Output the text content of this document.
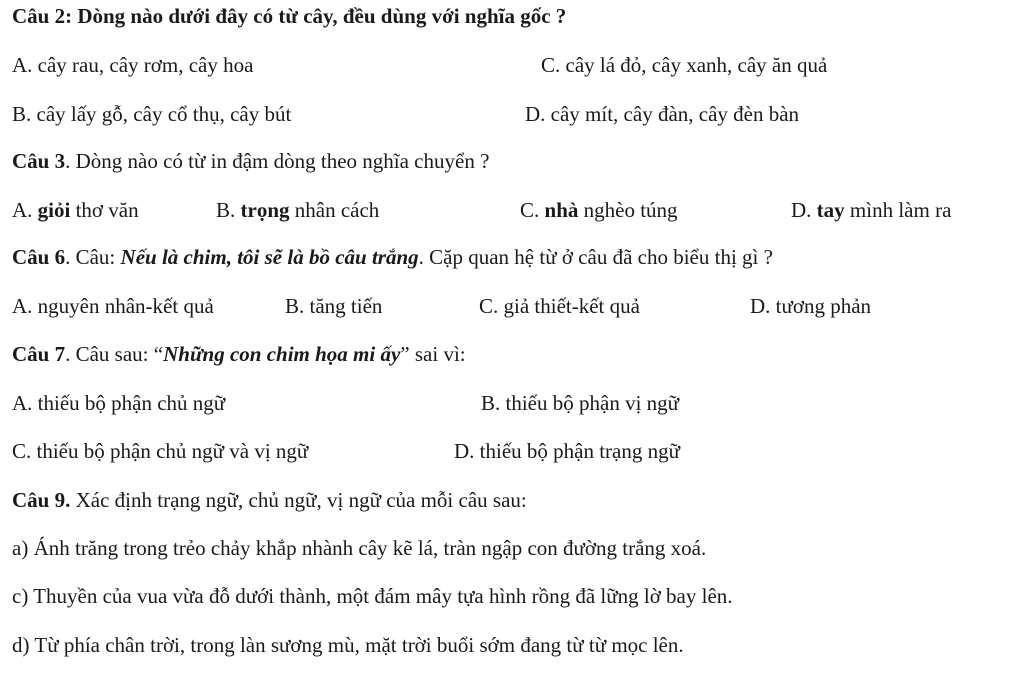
Câu 2: Dòng nào dưới đây có từ cây, đều dùng với nghĩa gốc ?
A. cây rau, cây rơm, cây hoa	C. cây lá đỏ, cây xanh, cây ăn quả
B. cây lấy gỗ, cây cổ thụ, cây bút	D. cây mít, cây đàn, cây đèn bàn
Câu 3. Dòng nào có từ in đậm dòng theo nghĩa chuyển ?
A. giỏi thơ văn	B. trọng nhân cách	C. nhà nghèo túng	D. tay mình làm ra
Câu 6. Câu: Nếu là chim, tôi sẽ là bồ câu trắng. Cặp quan hệ từ ở câu đã cho biểu thị gì ?
A. nguyên nhân-kết quả	B. tăng tiến	C. giả thiết-kết quả	D. tương phản
Câu 7. Câu sau: “Những con chim họa mi ấy” sai vì:
A. thiếu bộ phận chủ ngữ	B. thiếu bộ phận vị ngữ
C. thiếu bộ phận chủ ngữ và vị ngữ	D. thiếu bộ phận trạng ngữ
Câu 9. Xác định trạng ngữ, chủ ngữ, vị ngữ của mỗi câu sau:
a) Ánh trăng trong trẻo chảy khắp nhành cây kẽ lá, tràn ngập con đường trắng xoá.
c) Thuyền của vua vừa đỗ dưới thành, một đám mây tựa hình rồng đã lững lờ bay lên.
d) Từ phía chân trời, trong làn sương mù, mặt trời buổi sớm đang từ từ mọc lên.
